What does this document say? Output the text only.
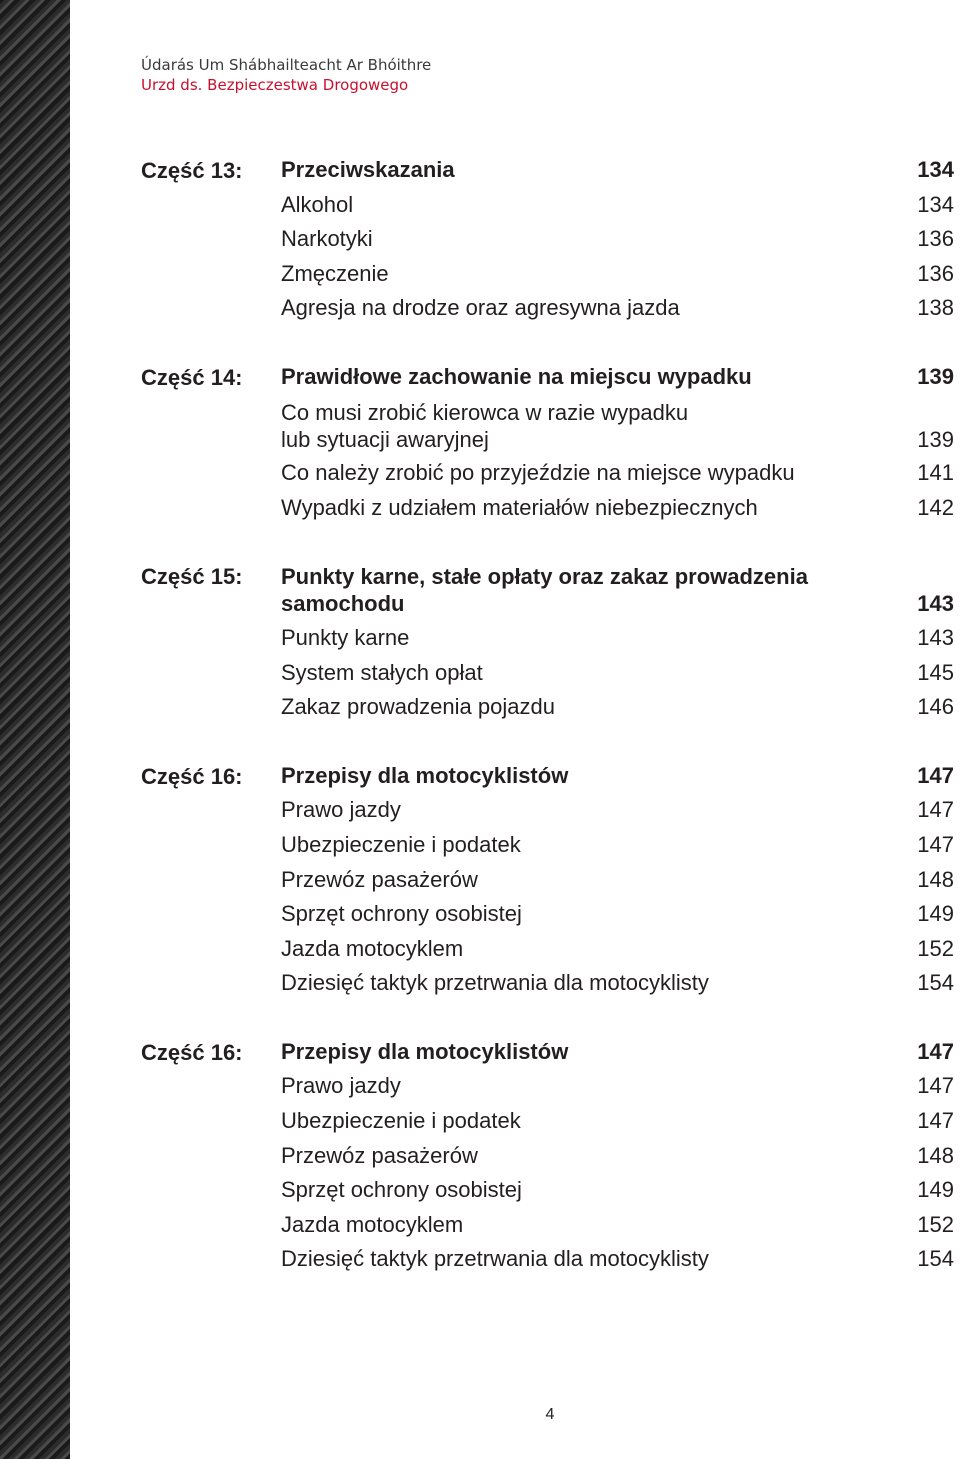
Údarás Um Shábhailteacht Ar Bhóithre
Urzd ds. Bezpieczestwa Drogowego
Część 13:	Przeciwskazania	134
Alkohol	134
Narkotyki	136
Zmęczenie	136
Agresja na drodze oraz agresywna jazda	138
Część 14:	Prawidłowe zachowanie na miejscu wypadku	139
Co musi zrobić kierowca w razie wypadku
lub sytuacji awaryjnej	139
Co należy zrobić po przyjeździe na miejsce wypadku	141
Wypadki z udziałem materiałów niebezpiecznych	142
Część 15:	Punkty karne, stałe opłaty oraz zakaz prowadzenia
samochodu	143
Punkty karne	143
System stałych opłat	145
Zakaz prowadzenia pojazdu	146
Część 16:	Przepisy dla motocyklistów	147
Prawo jazdy	147
Ubezpieczenie i podatek	147
Przewóz pasażerów	148
Sprzęt ochrony osobistej	149
Jazda motocyklem	152
Dziesięć taktyk przetrwania dla motocyklisty	154
Część 16:	Przepisy dla motocyklistów	147
Prawo jazdy	147
Ubezpieczenie i podatek	147
Przewóz pasażerów	148
Sprzęt ochrony osobistej	149
Jazda motocyklem	152
Dziesięć taktyk przetrwania dla motocyklisty	154
4
